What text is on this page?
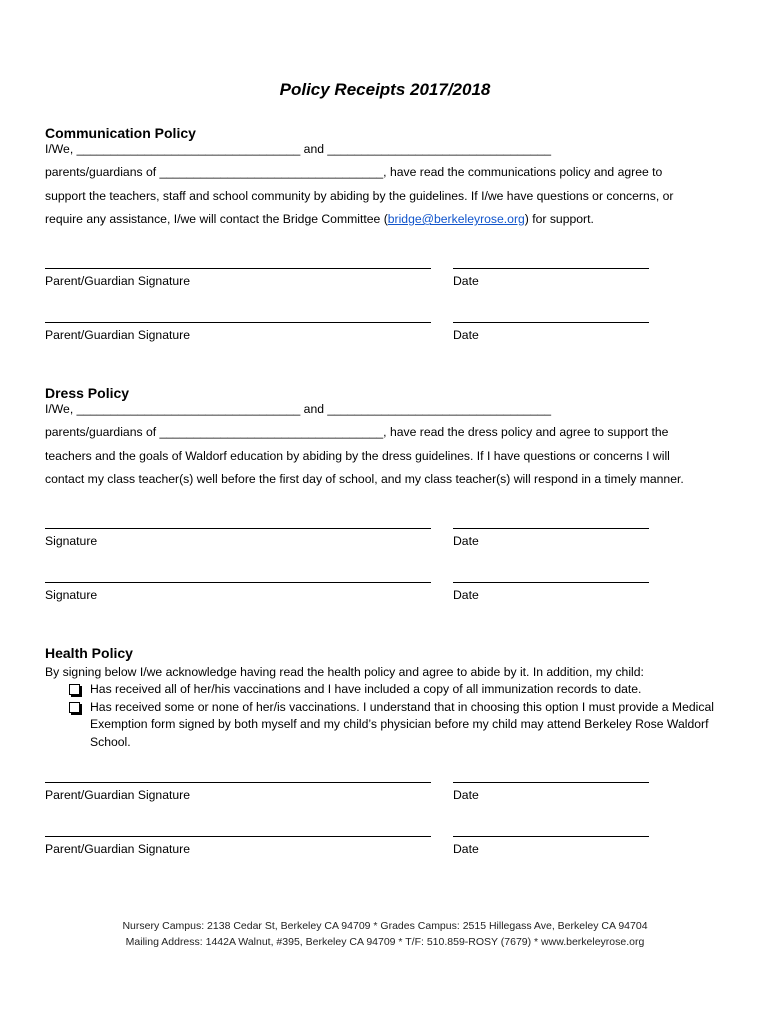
Policy Receipts 2017/2018
Communication Policy
I/We, _________________________________ and _________________________________
parents/guardians of _________________________________, have read the communications policy and agree to
support the teachers, staff and school community by abiding by the guidelines. If I/we have questions or concerns, or
require any assistance, I/we will contact the Bridge Committee (bridge@berkeleyrose.org) for support.
Parent/Guardian Signature	Date
Parent/Guardian Signature	Date
Dress Policy
I/We, _________________________________ and _________________________________
parents/guardians of _________________________________, have read the dress policy and agree to support the
teachers and the goals of Waldorf education by abiding by the dress guidelines. If I have questions or concerns I will
contact my class teacher(s) well before the first day of school, and my class teacher(s) will respond in a timely manner.
Signature	Date
Signature	Date
Health Policy
By signing below I/we acknowledge having read the health policy and agree to abide by it. In addition, my child:
Has received all of her/his vaccinations and I have included a copy of all immunization records to date.
Has received some or none of her/is vaccinations. I understand that in choosing this option I must provide a Medical Exemption form signed by both myself and my child’s physician before my child may attend Berkeley Rose Waldorf School.
Parent/Guardian Signature	Date
Parent/Guardian Signature	Date
Nursery Campus: 2138 Cedar St, Berkeley CA 94709 * Grades Campus: 2515 Hillegass Ave, Berkeley CA 94704
Mailing Address: 1442A Walnut, #395, Berkeley CA 94709 * T/F: 510.859-ROSY (7679) * www.berkeleyrose.org
